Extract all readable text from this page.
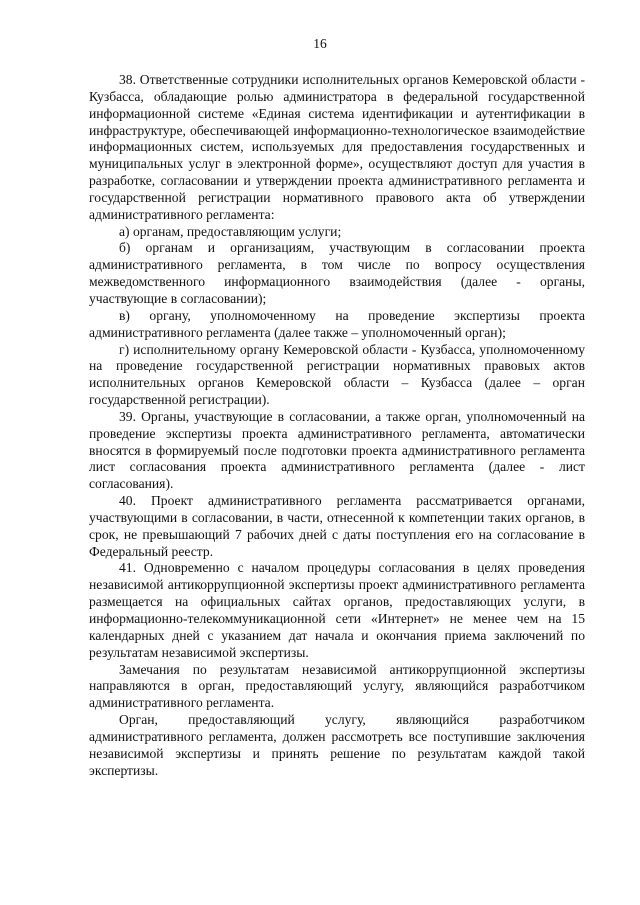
16

38. Ответственные сотрудники исполнительных органов Кемеровской области - Кузбасса, обладающие ролью администратора в федеральной государственной информационной системе «Единая система идентификации и аутентификации в инфраструктуре, обеспечивающей информационно-технологическое взаимодействие информационных систем, используемых для предоставления государственных и муниципальных услуг в электронной форме», осуществляют доступ для участия в разработке, согласовании и утверждении проекта административного регламента и государственной регистрации нормативного правового акта об утверждении административного регламента:

а) органам, предоставляющим услуги;

б) органам и организациям, участвующим в согласовании проекта административного регламента, в том числе по вопросу осуществления межведомственного информационного взаимодействия (далее - органы, участвующие в согласовании);

в) органу, уполномоченному на проведение экспертизы проекта административного регламента (далее также – уполномоченный орган);

г) исполнительному органу Кемеровской области - Кузбасса, уполномоченному на проведение государственной регистрации нормативных правовых актов исполнительных органов Кемеровской области – Кузбасса (далее – орган государственной регистрации).

39. Органы, участвующие в согласовании, а также орган, уполномоченный на проведение экспертизы проекта административного регламента, автоматически вносятся в формируемый после подготовки проекта административного регламента лист согласования проекта административного регламента (далее - лист согласования).

40. Проект административного регламента рассматривается органами, участвующими в согласовании, в части, отнесенной к компетенции таких органов, в срок, не превышающий 7 рабочих дней с даты поступления его на согласование в Федеральный реестр.

41. Одновременно с началом процедуры согласования в целях проведения независимой антикоррупционной экспертизы проект административного регламента размещается на официальных сайтах органов, предоставляющих услуги, в информационно-телекоммуникационной сети «Интернет» не менее чем на 15 календарных дней с указанием дат начала и окончания приема заключений по результатам независимой экспертизы.

Замечания по результатам независимой антикоррупционной экспертизы направляются в орган, предоставляющий услугу, являющийся разработчиком административного регламента.

Орган, предоставляющий услугу, являющийся разработчиком административного регламента, должен рассмотреть все поступившие заключения независимой экспертизы и принять решение по результатам каждой такой экспертизы.
